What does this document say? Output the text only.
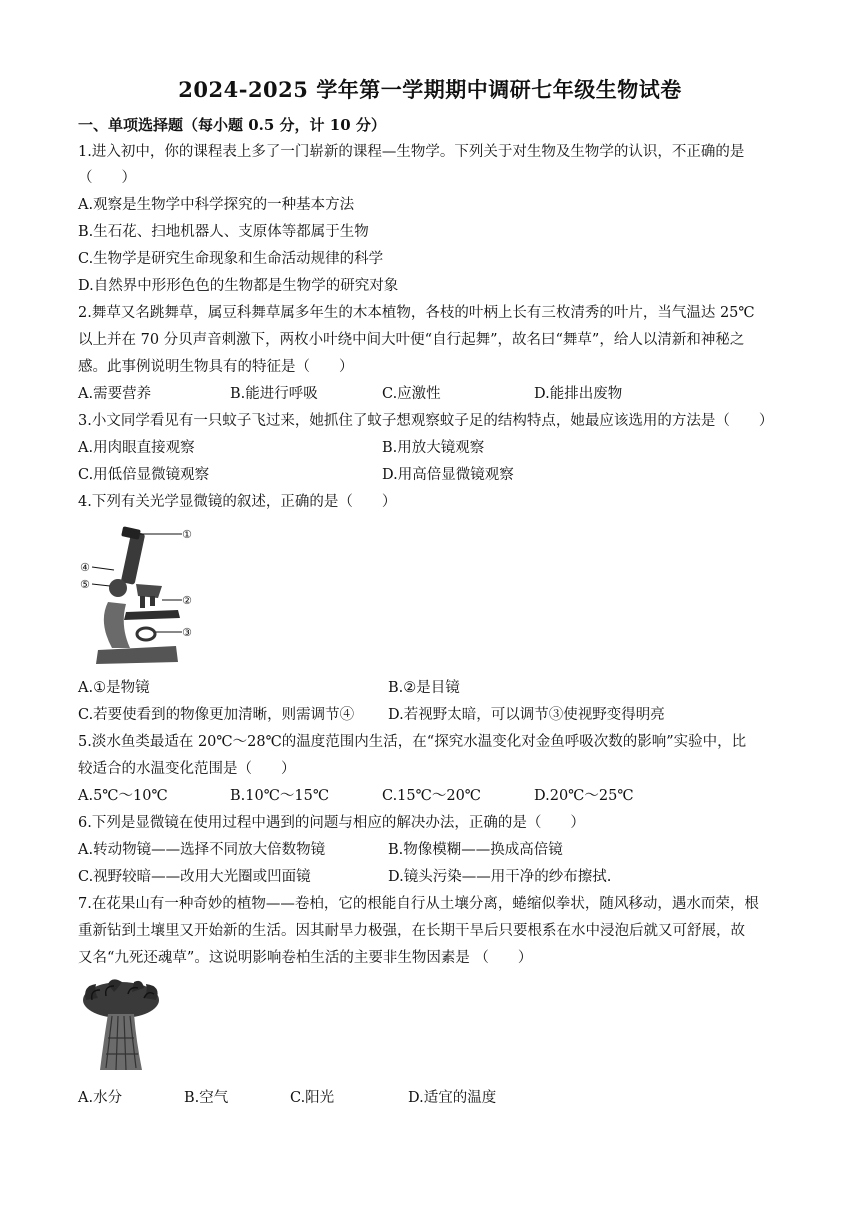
2024-2025 学年第一学期期中调研七年级生物试卷
一、单项选择题（每小题 0.5 分，计 10 分）
1.进入初中，你的课程表上多了一门崭新的课程—生物学。下列关于对生物及生物学的认识，不正确的是
（　　）
A.观察是生物学中科学探究的一种基本方法
B.生石花、扫地机器人、支原体等都属于生物
C.生物学是研究生命现象和生命活动规律的科学
D.自然界中形形色色的生物都是生物学的研究对象
2.舞草又名跳舞草，属豆科舞草属多年生的木本植物，各枝的叶柄上长有三枚清秀的叶片，当气温达 25℃
以上并在 70 分贝声音刺激下，两枚小叶绕中间大叶便“自行起舞”，故名曰“舞草”，给人以清新和神秘之
感。此事例说明生物具有的特征是（　　）
A.需要营养	B.能进行呼吸	C.应激性	D.能排出废物
3.小文同学看见有一只蚊子飞过来，她抓住了蚊子想观察蚊子足的结构特点，她最应该选用的方法是（　　）
A.用肉眼直接观察	B.用放大镜观察
C.用低倍显微镜观察	D.用高倍显微镜观察
4.下列有关光学显微镜的叙述，正确的是（　　）
①
②
③
④
⑤
A.①是物镜	B.②是目镜
C.若要使看到的物像更加清晰，则需调节④ D.若视野太暗，可以调节③使视野变得明亮
5.淡水鱼类最适在 20℃～28℃的温度范围内生活，在“探究水温变化对金鱼呼吸次数的影响”实验中，比
较适合的水温变化范围是（　　）
A.5℃～10℃	B.10℃～15℃	C.15℃～20℃	D.20℃～25℃
6.下列是显微镜在使用过程中遇到的问题与相应的解决办法，正确的是（　　）
A.转动物镜——选择不同放大倍数物镜	B.物像模糊——换成高倍镜
C.视野较暗——改用大光圈或凹面镜	D.镜头污染——用干净的纱布擦拭.
7.在花果山有一种奇妙的植物——卷柏，它的根能自行从土壤分离，蜷缩似拳状，随风移动，遇水而荣，根
重新钻到土壤里又开始新的生活。因其耐旱力极强，在长期干旱后只要根系在水中浸泡后就又可舒展，故
又名“九死还魂草”。这说明影响卷柏生活的主要非生物因素是 （　　）
A.水分	B.空气	C.阳光	D.适宜的温度
